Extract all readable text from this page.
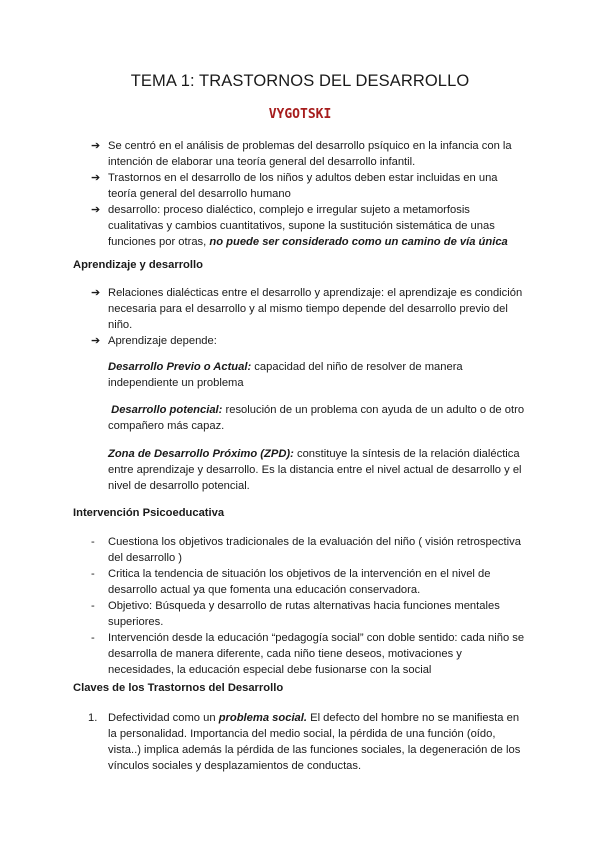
TEMA 1: TRASTORNOS DEL DESARROLLO
VYGOTSKI
➔ Se centró en el análisis de problemas del desarrollo psíquico en la infancia con la intención de elaborar una teoría general del desarrollo infantil.

➔ Trastornos en el desarrollo de los niños y adultos deben estar incluidas en una teoría general del desarrollo humano

➔ desarrollo: proceso dialéctico, complejo e irregular sujeto a metamorfosis cualitativas y cambios cuantitativos, supone la sustitución sistemática de unas funciones por otras, no puede ser considerado como un camino de vía única

Aprendizaje y desarrollo
➔ Relaciones dialécticas entre el desarrollo y aprendizaje: el aprendizaje es condición necesaria para el desarrollo y al mismo tiempo depende del desarrollo previo del niño.

➔ Aprendizaje depende:

Desarrollo Previo o Actual: capacidad del niño de resolver de manera independiente un problema

Desarrollo potencial: resolución de un problema con ayuda de un adulto o de otro compañero más capaz.

Zona de Desarrollo Próximo (ZPD): constituye la síntesis de la relación dialéctica entre aprendizaje y desarrollo. Es la distancia entre el nivel actual de desarrollo y el nivel de desarrollo potencial.

Intervención Psicoeducativa
- Cuestiona los objetivos tradicionales de la evaluación del niño ( visión retrospectiva del desarrollo )

- Critica la tendencia de situación los objetivos de la intervención en el nivel de desarrollo actual ya que fomenta una educación conservadora.

- Objetivo: Búsqueda y desarrollo de rutas alternativas hacia funciones mentales superiores.

- Intervención desde la educación “pedagogía social” con doble sentido: cada niño se desarrolla de manera diferente, cada niño tiene deseos, motivaciones y necesidades, la educación especial debe fusionarse con la social

Claves de los Trastornos del Desarrollo
1. Defectividad como un problema social. El defecto del hombre no se manifiesta en la personalidad. Importancia del medio social, la pérdida de una función (oído, vista..) implica además la pérdida de las funciones sociales, la degeneración de los vínculos sociales y desplazamientos de conductas.
